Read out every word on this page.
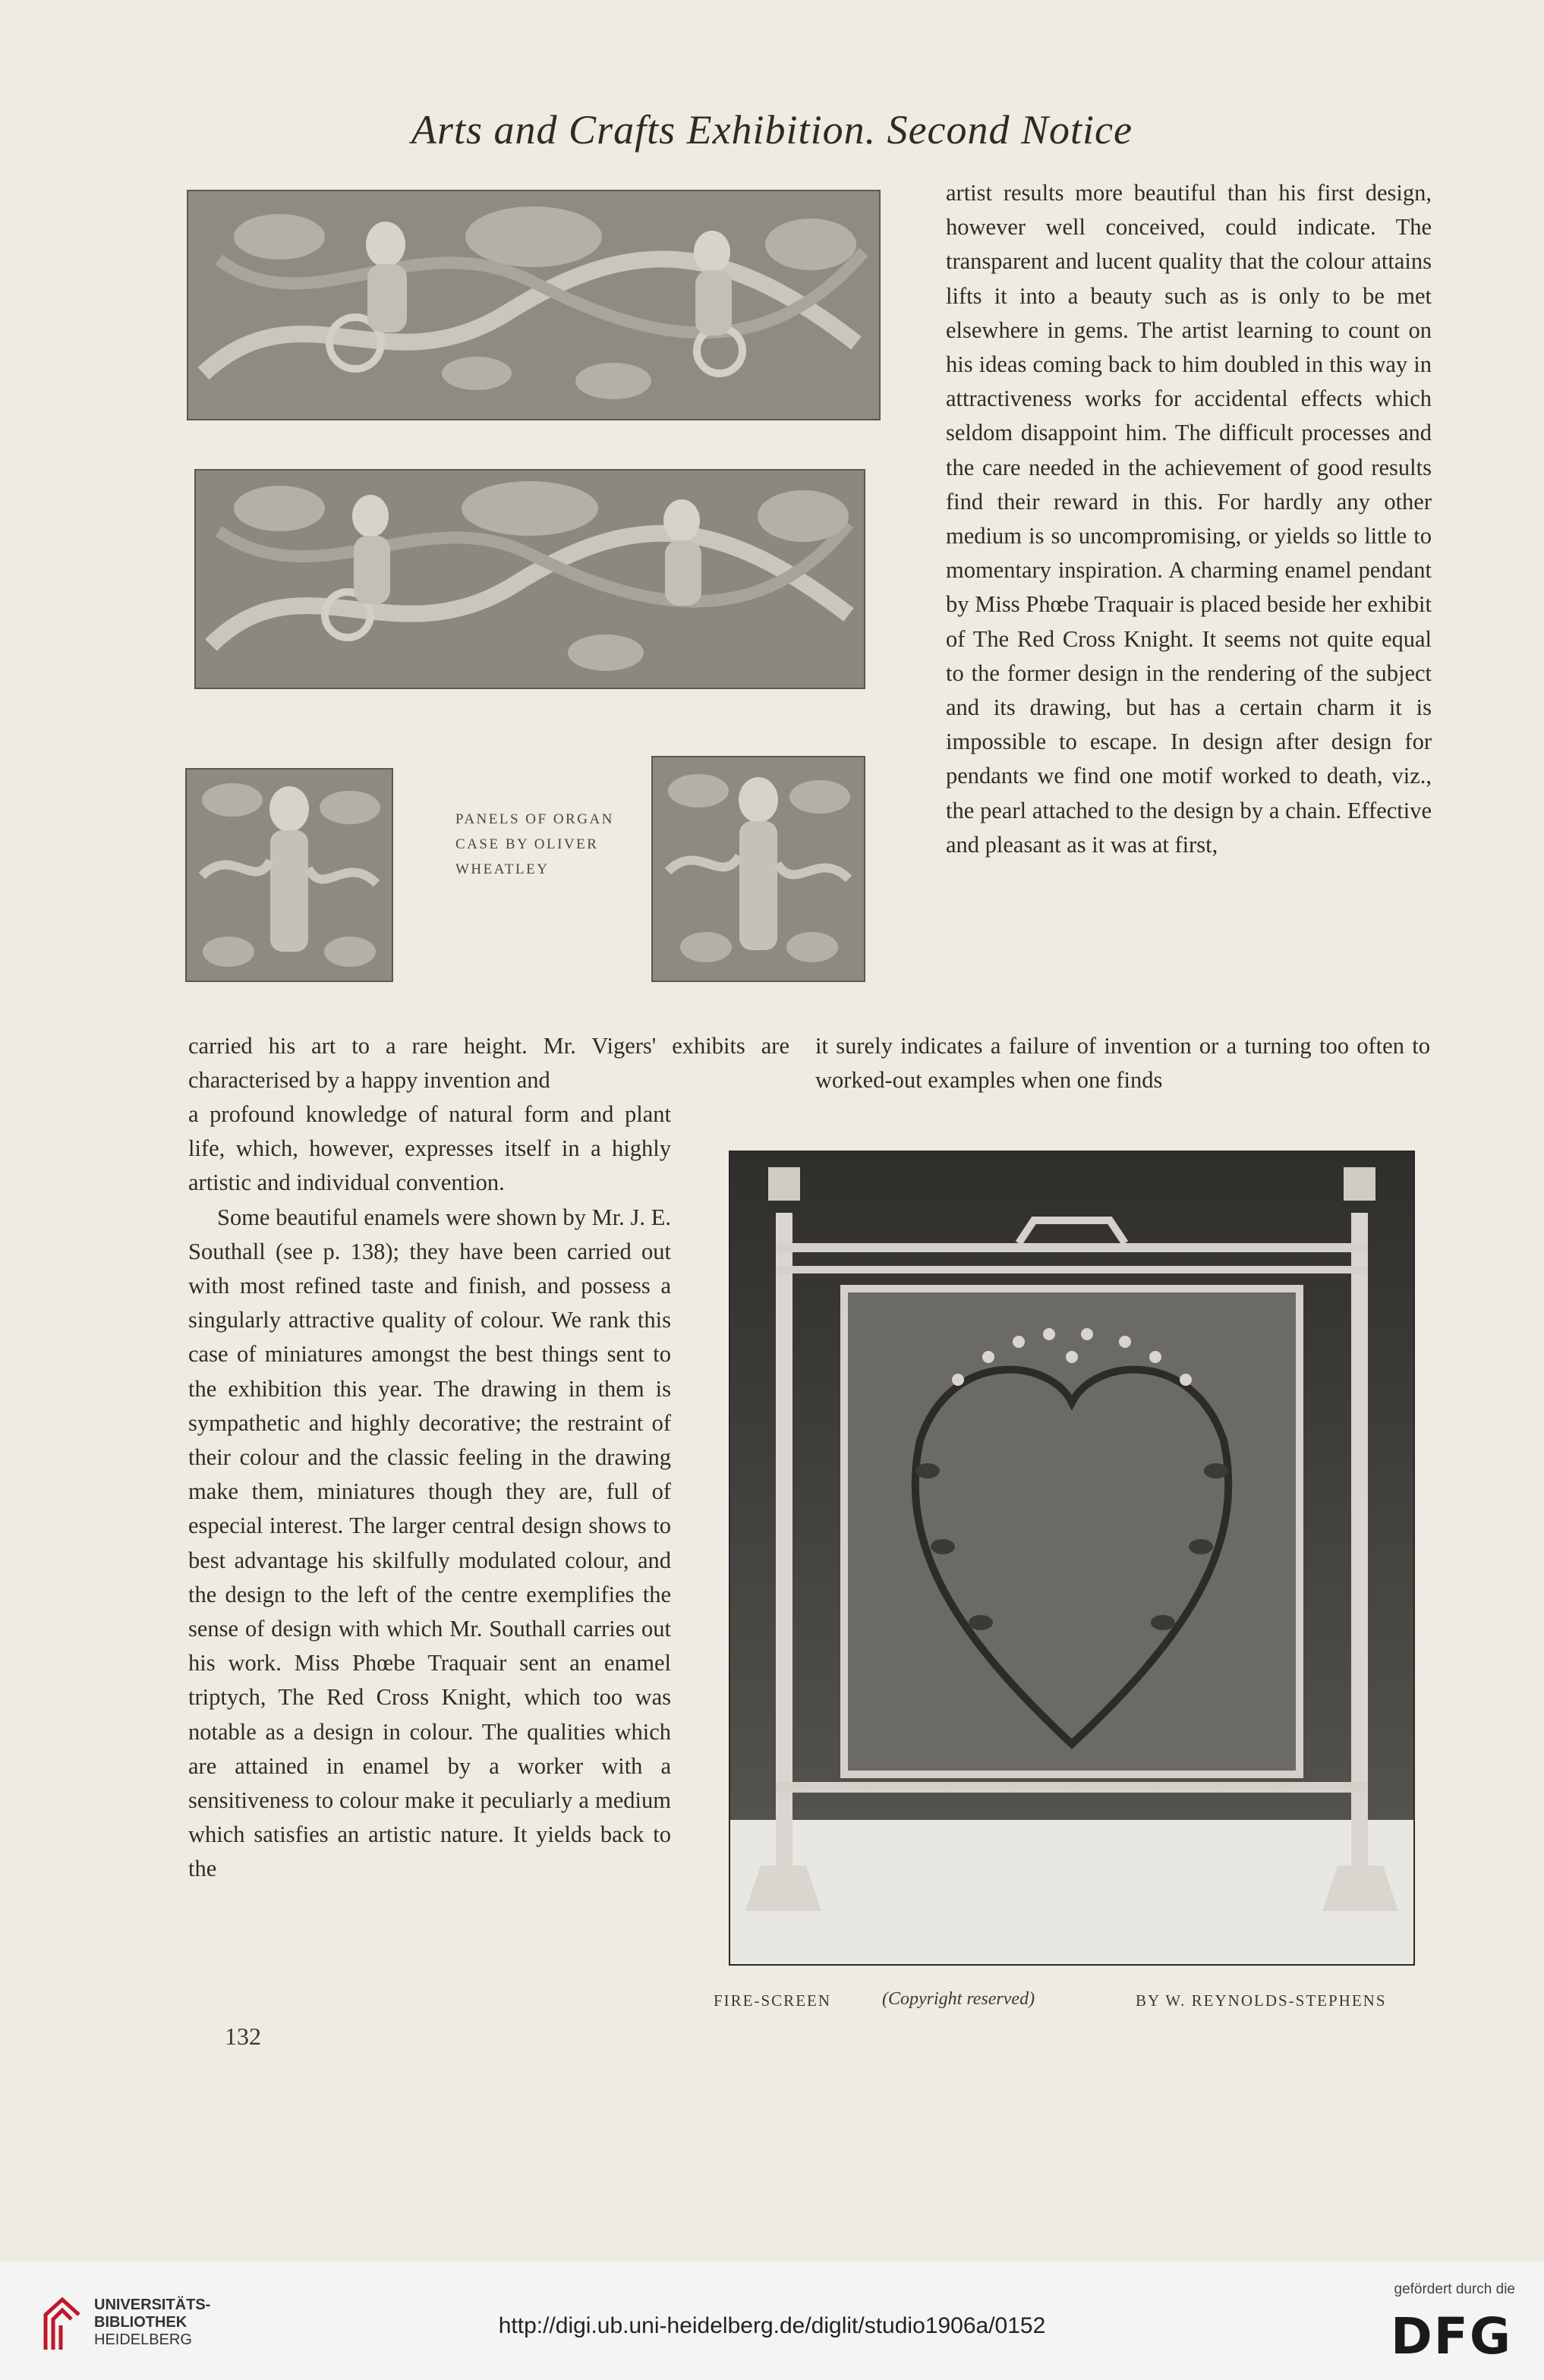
Arts and Crafts Exhibition. Second Notice
PANELS OF ORGAN CASE BY OLIVER WHEATLEY

artist results more beautiful than his first design, however well conceived, could indicate. The transparent and lucent quality that the colour attains lifts it into a beauty such as is only to be met elsewhere in gems. The artist learning to count on his ideas coming back to him doubled in this way in attractiveness works for accidental effects which seldom disappoint him. The difficult processes and the care needed in the achievement of good results find their reward in this. For hardly any other medium is so uncompromising, or yields so little to momentary inspiration. A charming enamel pendant by Miss Phœbe Traquair is placed beside her exhibit of The Red Cross Knight. It seems not quite equal to the former design in the rendering of the subject and its drawing, but has a certain charm it is impossible to escape. In design after design for pendants we find one motif worked to death, viz., the pearl attached to the design by a chain. Effective and pleasant as it was at first,

carried his art to a rare height. Mr. Vigers' exhibits are characterised by a happy invention and

it surely indicates a failure of invention or a turning too often to worked-out examples when one finds

a profound knowledge of natural form and plant life, which, however, expresses itself in a highly artistic and individual convention.

Some beautiful enamels were shown by Mr. J. E. Southall (see p. 138); they have been carried out with most refined taste and finish, and possess a singularly attractive quality of colour. We rank this case of miniatures amongst the best things sent to the exhibition this year. The drawing in them is sympathetic and highly decorative; the restraint of their colour and the classic feeling in the drawing make them, miniatures though they are, full of especial interest. The larger central design shows to best advantage his skilfully modulated colour, and the design to the left of the centre exemplifies the sense of design with which Mr. Southall carries out his work. Miss Phœbe Traquair sent an enamel triptych, The Red Cross Knight, which too was notable as a design in colour. The qualities which are attained in enamel by a worker with a sensitiveness to colour make it peculiarly a medium which satisfies an artistic nature. It yields back to the

FIRE-SCREEN	(Copyright reserved)	BY W. REYNOLDS-STEPHENS
132
UNIVERSITÄTS-
BIBLIOTHEK
HEIDELBERG
http://digi.ub.uni-heidelberg.de/diglit/studio1906a/0152
gefördert durch die
DFG
